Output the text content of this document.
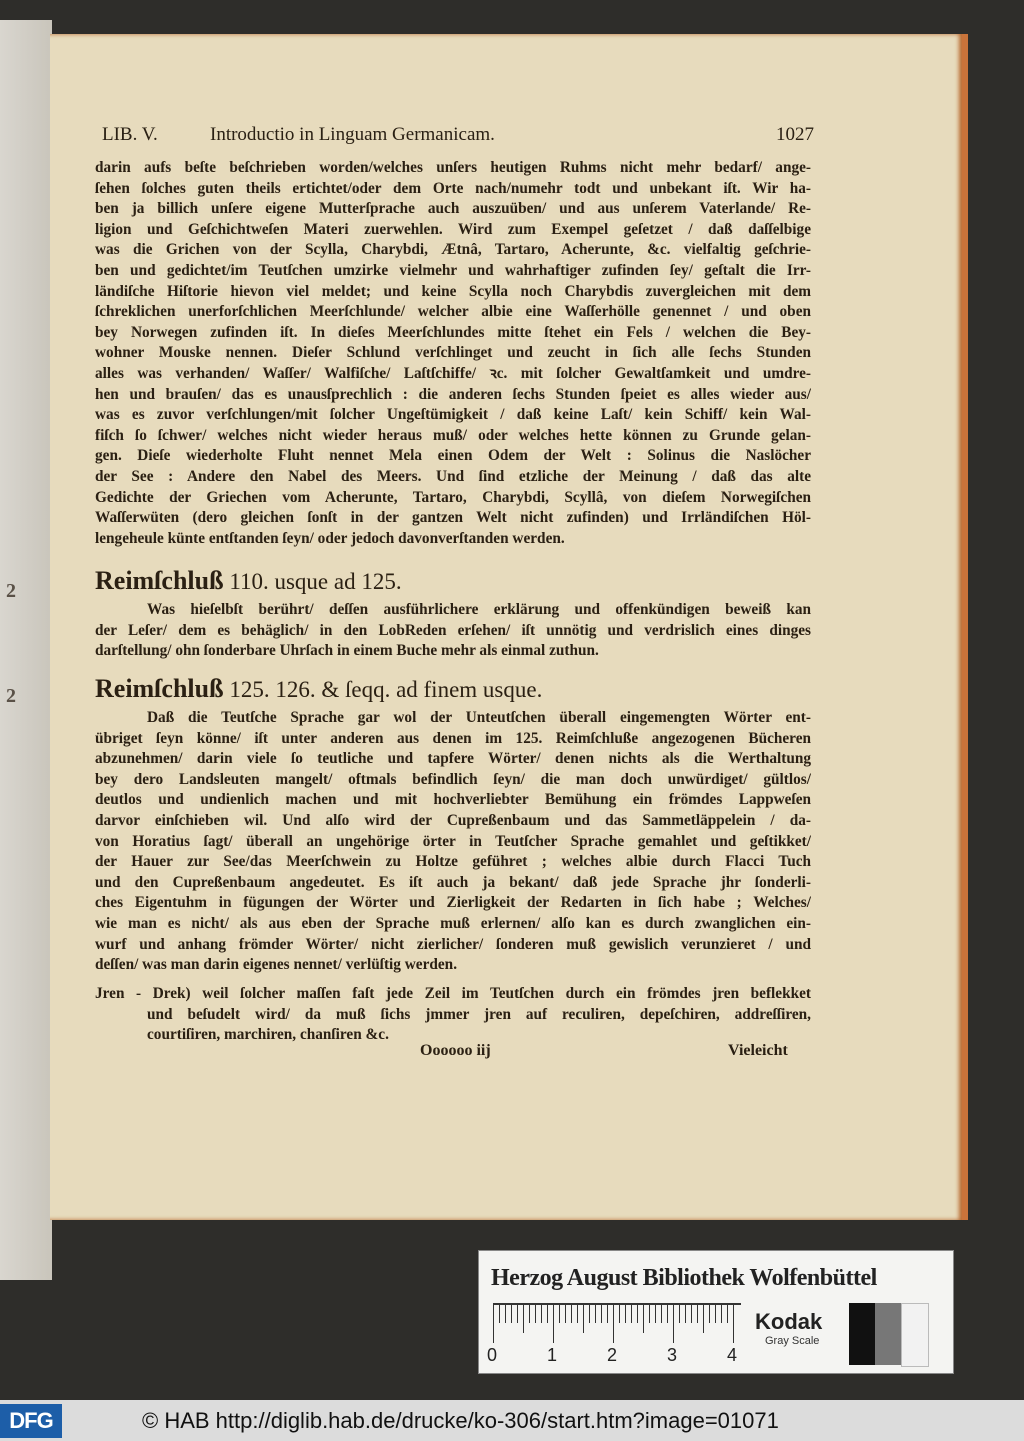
2
2
LIB. V.	Introductio in Linguam Germanicam.	1027
darin aufs beſte beſchrieben worden/welches unſers heutigen Ruhms nicht mehr bedarf/ ange-
ſehen ſolches guten theils ertichtet/oder dem Orte nach/numehr todt und unbekant iſt. Wir ha-
ben ja billich unſere eigene Mutterſprache auch auszuüben/ und aus unſerem Vaterlande/ Re-
ligion und Geſchichtweſen Materi zuerwehlen. Wird zum Exempel geſetzet / daß daſſelbige
was die Grichen von der Scylla, Charybdi, Ætnâ, Tartaro, Acherunte, &c. vielfaltig geſchrie-
ben und gedichtet/im Teutſchen umzirke vielmehr und wahrhaftiger zufinden ſey/ geſtalt die Irr-
ländiſche Hiſtorie hievon viel meldet; und keine Scylla noch Charybdis zuvergleichen mit dem
ſchreklichen unerforſchlichen Meerſchlunde/ welcher albie eine Waſſerhölle genennet / und oben
bey Norwegen zufinden iſt. In dieſes Meerſchlundes mitte ſtehet ein Fels / welchen die Bey-
wohner Mouske nennen. Dieſer Schlund verſchlinget und zeucht in ſich alle ſechs Stunden
alles was verhanden/ Waſſer/ Walfiſche/ Laſtſchiffe/ ꝛc. mit ſolcher Gewaltſamkeit und umdre-
hen und brauſen/ das es unausſprechlich : die anderen ſechs Stunden ſpeiet es alles wieder aus/
was es zuvor verſchlungen/mit ſolcher Ungeſtümigkeit / daß keine Laſt/ kein Schiff/ kein Wal-
fiſch ſo ſchwer/ welches nicht wieder heraus muß/ oder welches hette können zu Grunde gelan-
gen. Dieſe wiederholte Fluht nennet Mela einen Odem der Welt : Solinus die Naslöcher
der See : Andere den Nabel des Meers. Und ſind etzliche der Meinung / daß das alte
Gedichte der Griechen vom Acherunte, Tartaro, Charybdi, Scyllâ, von dieſem Norwegiſchen
Waſſerwüten (dero gleichen ſonſt in der gantzen Welt nicht zufinden) und Irrländiſchen Höl-
lengeheule künte entſtanden ſeyn/ oder jedoch davonverſtanden werden.
Reimſchluß 110. usque ad 125.
Was hieſelbſt berührt/ deſſen ausführlichere erklärung und offenkündigen beweiß kan
der Leſer/ dem es behäglich/ in den LobReden erſehen/ iſt unnötig und verdrislich eines dinges
darſtellung/ ohn ſonderbare Uhrſach in einem Buche mehr als einmal zuthun.
Reimſchluß 125. 126. & ſeqq. ad finem usque.
Daß die Teutſche Sprache gar wol der Unteutſchen überall eingemengten Wörter ent-
übriget ſeyn könne/ iſt unter anderen aus denen im 125. Reimſchluße angezogenen Bücheren
abzunehmen/ darin viele ſo teutliche und tapfere Wörter/ denen nichts als die Werthaltung
bey dero Landsleuten mangelt/ oftmals befindlich ſeyn/ die man doch unwürdiget/ gültlos/
deutlos und undienlich machen und mit hochverliebter Bemühung ein frömdes Lappweſen
darvor einſchieben wil. Und alſo wird der Cupreßenbaum und das Sammetläppelein / da-
von Horatius ſagt/ überall an ungehörige örter in Teutſcher Sprache gemahlet und geſtikket/
der Hauer zur See/das Meerſchwein zu Holtze geführet ; welches albie durch Flacci Tuch
und den Cupreßenbaum angedeutet. Es iſt auch ja bekant/ daß jede Sprache jhr ſonderli-
ches Eigentuhm in fügungen der Wörter und Zierligkeit der Redarten in ſich habe ; Welches/
wie man es nicht/ als aus eben der Sprache muß erlernen/ alſo kan es durch zwanglichen ein-
wurf und anhang frömder Wörter/ nicht zierlicher/ ſonderen muß gewislich verunzieret / und
deſſen/ was man darin eigenes nennet/ verlüſtig werden.
Jren - Drek) weil ſolcher maſſen faſt jede Zeil im Teutſchen durch ein frömdes jren beflekket
und beſudelt wird/ da muß ſichs jmmer jren auf reculiren, depeſchiren, addreſſiren,
courtiſiren, marchiren, chanſiren &c.
Oooooo iij	Vieleicht
Herzog August Bibliothek Wolfenbüttel
Kodak
Gray Scale
0	1	2	3	4
DFG	© HAB http://diglib.hab.de/drucke/ko-306/start.htm?image=01071
